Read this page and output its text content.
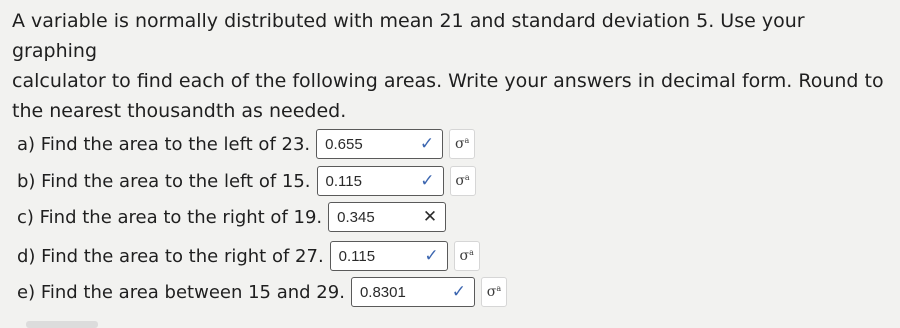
A variable is normally distributed with mean 21 and standard deviation 5. Use your graphing
calculator to find each of the following areas. Write your answers in decimal form. Round to
the nearest thousandth as needed.
a) Find the area to the left of 23.	0.655	✓	σ a
b) Find the area to the left of 15.	0.115	✓	σ a
c) Find the area to the right of 19.	0.345	✕
d) Find the area to the right of 27.	0.115	✓	σ a
e) Find the area between 15 and 29.	0.8301	✓	σ a
